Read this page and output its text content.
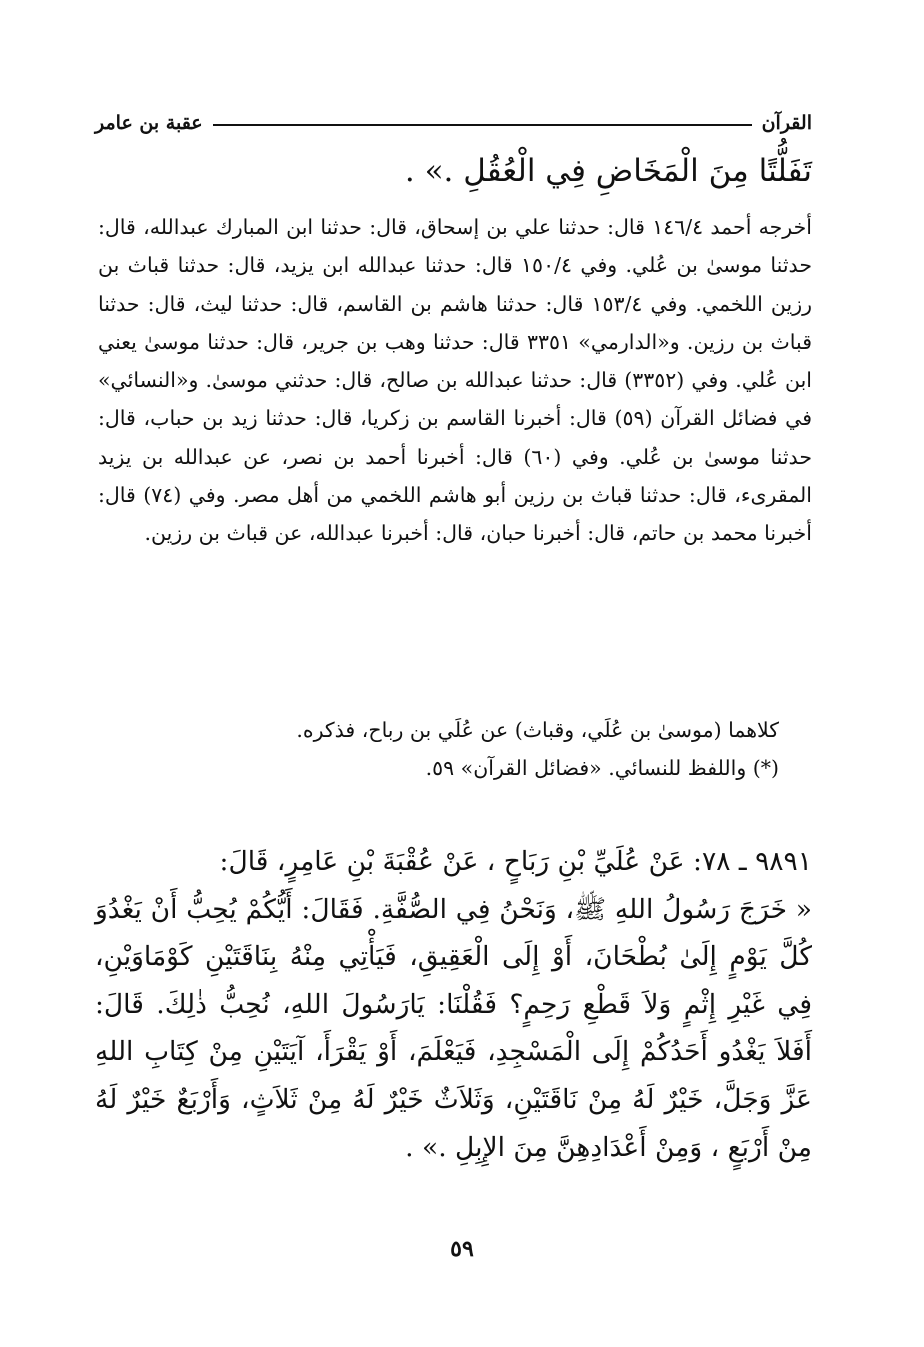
القرآن
عقبة بن عامر
تَفَلُّتًا مِنَ الْمَخَاضِ فِي الْعُقُلِ .» .

أخرجه أحمد ١٤٦/٤ قال: حدثنا علي بن إسحاق، قال: حدثنا ابن المبارك عبدالله، قال: حدثنا موسىٰ بن عُلي. وفي ١٥٠/٤ قال: حدثنا عبدالله ابن يزيد، قال: حدثنا قباث بن رزين اللخمي. وفي ١٥٣/٤ قال: حدثنا هاشم بن القاسم، قال: حدثنا ليث، قال: حدثنا قباث بن رزين. و«الدارمي» ٣٣٥١ قال: حدثنا وهب بن جرير، قال: حدثنا موسىٰ يعني ابن عُلي. وفي (٣٣٥٢) قال: حدثنا عبدالله بن صالح، قال: حدثني موسىٰ. و«النسائي» في فضائل القرآن (٥٩) قال: أخبرنا القاسم بن زكريا، قال: حدثنا زيد بن حباب، قال: حدثنا موسىٰ بن عُلي. وفي (٦٠) قال: أخبرنا أحمد بن نصر، عن عبدالله بن يزيد المقرىء، قال: حدثنا قباث بن رزين أبو هاشم اللخمي من أهل مصر. وفي (٧٤) قال: أخبرنا محمد بن حاتم، قال: أخبرنا حبان، قال: أخبرنا عبدالله، عن قباث بن رزين.

كلاهما (موسىٰ بن عُلَي، وقباث) عن عُلَي بن رباح، فذكره.
(*) واللفظ للنسائي. «فضائل القرآن» ٥٩.

٩٨٩١ ـ ٧٨: عَنْ عُلَيِّ بْنِ رَبَاحٍ ، عَنْ عُقْبَةَ بْنِ عَامِرٍ، قَالَ:
« خَرَجَ رَسُولُ اللهِ ﷺ، وَنَحْنُ فِي الصُّفَّةِ. فَقَالَ: أَيُّكُمْ يُحِبُّ أَنْ يَغْدُوَ كُلَّ يَوْمٍ إِلَىٰ بُطْحَانَ، أَوْ إِلَى الْعَقِيقِ، فَيَأْتِي مِنْهُ بِنَاقَتَيْنِ كَوْمَاوَيْنِ، فِي غَيْرِ إِثْمٍ وَلاَ قَطْعِ رَحِمٍ؟ فَقُلْنَا: يَارَسُولَ اللهِ، نُحِبُّ ذٰلِكَ. قَالَ: أَفَلاَ يَغْدُو أَحَدُكُمْ إِلَى الْمَسْجِدِ، فَيَعْلَمَ، أَوْ يَقْرَأَ، آيَتَيْنِ مِنْ كِتَابِ اللهِ عَزَّ وَجَلَّ، خَيْرٌ لَهُ مِنْ نَاقَتَيْنِ، وَثَلاَثٌ خَيْرٌ لَهُ مِنْ ثَلاَثٍ، وَأَرْبَعٌ خَيْرٌ لَهُ مِنْ أَرْبَعٍ ، وَمِنْ أَعْدَادِهِنَّ مِنَ الإِبِلِ .» .

٥٩
